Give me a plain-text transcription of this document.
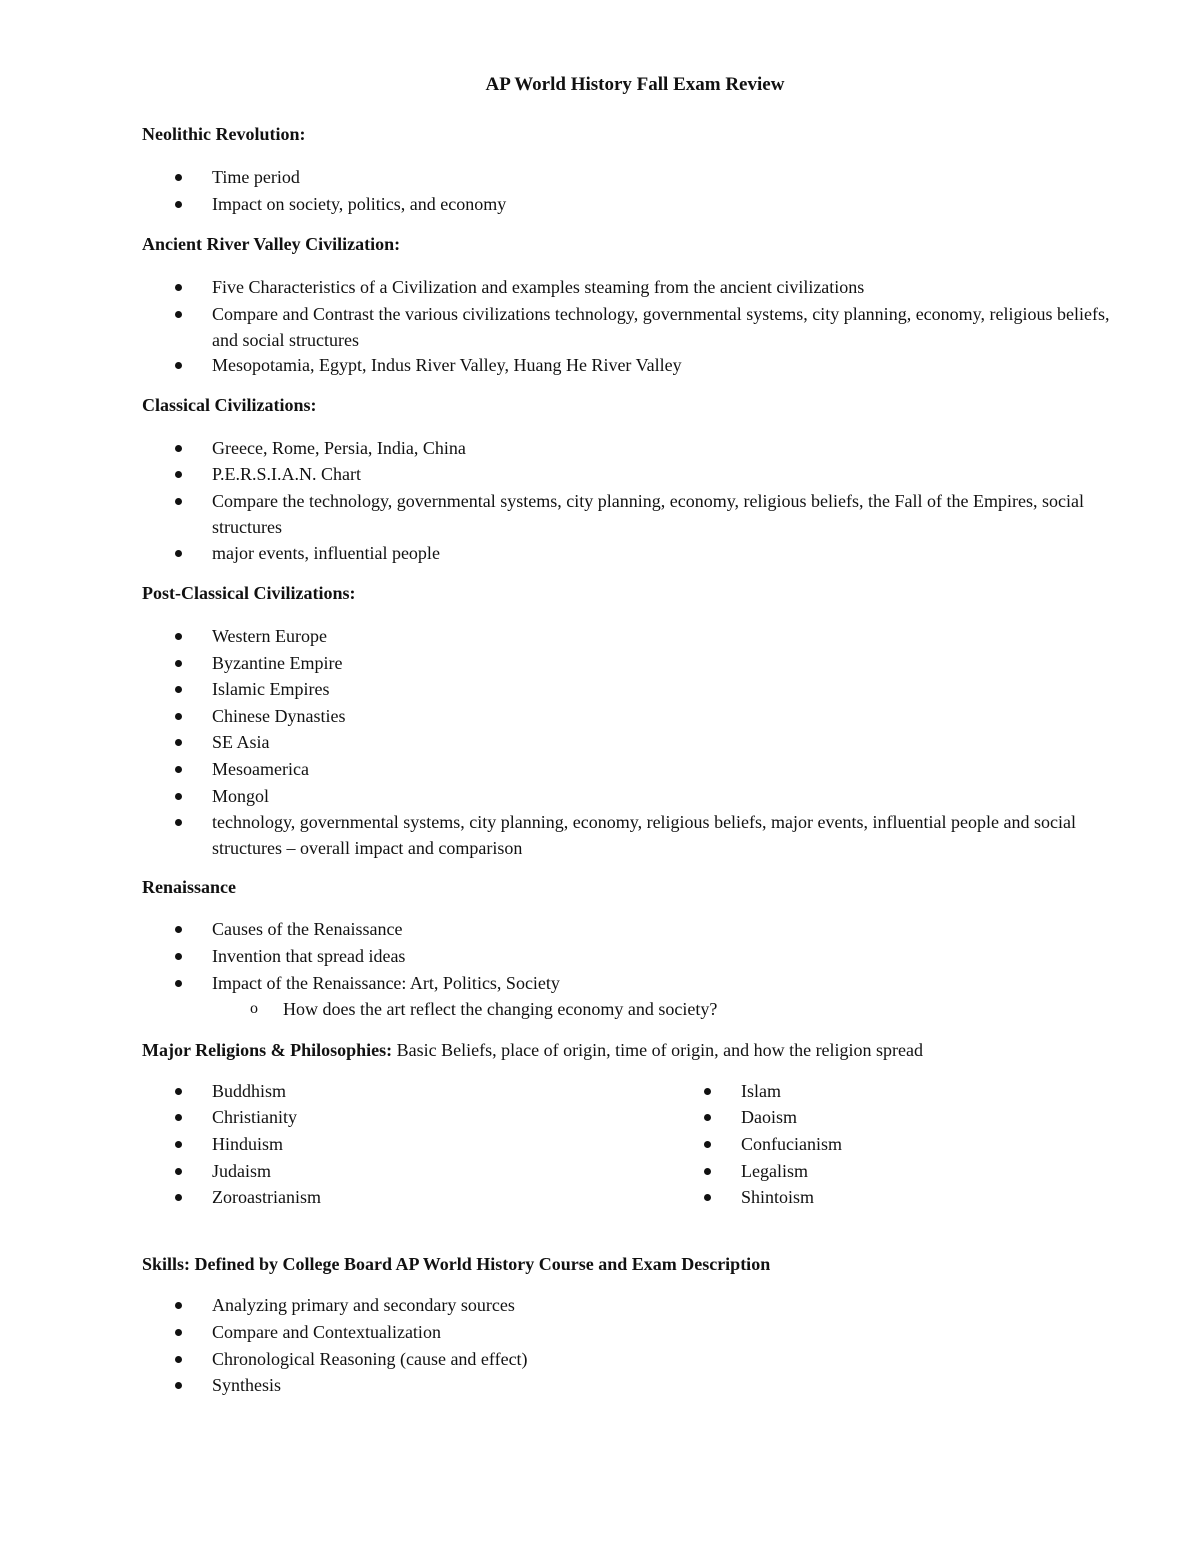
AP World History Fall Exam Review
Neolithic Revolution:
Time period
Impact on society, politics, and economy
Ancient River Valley Civilization:
Five Characteristics of a Civilization and examples steaming from the ancient civilizations
Compare and Contrast the various civilizations technology, governmental systems, city planning, economy, religious beliefs, and social structures
Mesopotamia, Egypt, Indus River Valley, Huang He River Valley
Classical Civilizations:
Greece, Rome, Persia, India, China
P.E.R.S.I.A.N. Chart
Compare the technology, governmental systems, city planning, economy, religious beliefs, the Fall of the Empires, social structures
major events, influential people
Post-Classical Civilizations:
Western Europe
Byzantine Empire
Islamic Empires
Chinese Dynasties
SE Asia
Mesoamerica
Mongol
technology, governmental systems, city planning, economy, religious beliefs, major events, influential people and social structures – overall impact and comparison
Renaissance
Causes of the Renaissance
Invention that spread ideas
Impact of the Renaissance: Art, Politics, Society
o How does the art reflect the changing economy and society?
Major Religions & Philosophies: Basic Beliefs, place of origin, time of origin, and how the religion spread
Buddhism
Christianity
Hinduism
Judaism
Zoroastrianism
Islam
Daoism
Confucianism
Legalism
Shintoism
Skills: Defined by College Board AP World History Course and Exam Description
Analyzing primary and secondary sources
Compare and Contextualization
Chronological Reasoning (cause and effect)
Synthesis
